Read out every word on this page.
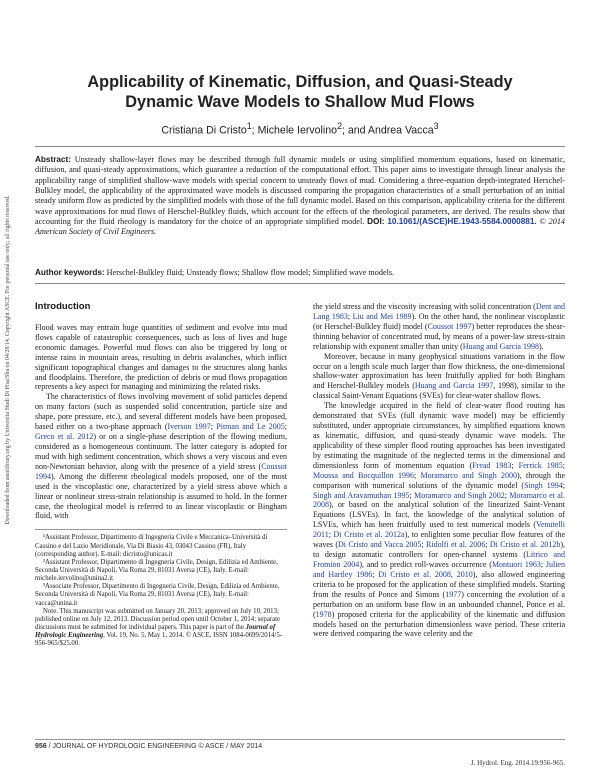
Downloaded from ascelibrary.org by Universita Studi Di Pisa/Sba on 04/28/14. Copyright ASCE. For personal use only; all rights reserved.
Applicability of Kinematic, Diffusion, and Quasi-Steady
Dynamic Wave Models to Shallow Mud Flows
Cristiana Di Cristo$^1$; Michele Iervolino$^2$; and Andrea Vacca$^3$

Abstract: Unsteady shallow-layer flows may be described through full dynamic models or using simplified momentum equations, based on kinematic, diffusion, and quasi-steady approximations, which guarantee a reduction of the computational effort. This paper aims to investigate through linear analysis the applicability range of simplified shallow-wave models with special concern to unsteady flows of mud. Considering a three-equation depth-integrated Herschel-Bulkley model, the applicability of the approximated wave models is discussed comparing the propagation characteristics of a small perturbation of an initial steady uniform flow as predicted by the simplified models with those of the full dynamic model. Based on this comparison, applicability criteria for the different wave approximations for mud flows of Herschel-Bulkley fluids, which account for the effects of the rheological parameters, are derived. The results show that accounting for the fluid rheology is mandatory for the choice of an appropriate simplified model. DOI: 10.1061/(ASCE)HE.1943-5584.0000881. © 2014 American Society of Civil Engineers.

Author keywords: Herschel-Bulkley fluid; Unsteady flows; Shallow flow model; Simplified wave models.

Introduction

Flood waves may entrain huge quantities of sediment and evolve into mud flows capable of catastrophic consequences, such as loss of lives and huge economic damages. Powerful mud flows can also be triggered by long or intense rains in mountain areas, resulting in debris avalanches, which inflict significant topographical changes and damages to the structures along banks and floodplains. Therefore, the prediction of debris or mud flows propagation represents a key aspect for managing and minimizing the related risks.

The characteristics of flows involving movement of solid particles depend on many factors (such as suspended solid concentration, particle size and shape, pore pressure, etc.), and several different models have been proposed, based either on a two-phase approach (Iverson 1997; Pitman and Le 2005; Greco et al. 2012) or on a single-phase description of the flowing medium, considered as a homogeneous continuum. The latter category is adopted for mud with high sediment concentration, which shows a very viscous and even non-Newtonian behavior, along with the presence of a yield stress (Coussot 1994). Among the different rheological models proposed, one of the most used is the viscoplastic one, characterized by a yield stress above which a linear or nonlinear stress-strain relationship is assumed to hold. In the former case, the rheological model is referred to as linear viscoplastic or Bingham fluid, with

¹Assistant Professor, Dipartimento di Ingegneria Civile e Meccanica–Università di Cassino e del Lazio Meridionale, Via Di Biasio 43, 03043 Cassino (FR), Italy (corresponding author). E-mail: dicristo@unicas.it

²Assistant Professor, Dipartimento di Ingegneria Civile, Design, Edilizia ed Ambiente, Seconda Università di Napoli, Via Roma 29, 81031 Aversa (CE), Italy. E-mail: michele.iervolino@unina2.it

³Associate Professor, Dipartimento di Ingegneria Civile, Design, Edilizia ed Ambiente, Seconda Università di Napoli, Via Roma 29, 81031 Aversa (CE), Italy. E-mail: vacca@unina.it

Note. This manuscript was submitted on January 20, 2013; approved on July 10, 2013; published online on July 12, 2013. Discussion period open until October 1, 2014; separate discussions must be submitted for individual papers. This paper is part of the Journal of Hydrologic Engineering, Vol. 19, No. 5, May 1, 2014. © ASCE, ISSN 1084-0699/2014/5-956-965/$25.00.

the yield stress and the viscosity increasing with solid concentration (Dent and Lang 1983; Liu and Mei 1989). On the other hand, the nonlinear viscoplastic (or Herschel-Bulkley fluid) model (Coussot 1997) better reproduces the shear-thinning behavior of concentrated mud, by means of a power-law stress-strain relationship with exponent smaller than unity (Huang and Garcia 1998).

Moreover, because in many geophysical situations variations in the flow occur on a length scale much larger than flow thickness, the one-dimensional shallow-water approximation has been fruitfully applied for both Bingham and Herschel-Bulkley models (Huang and Garcia 1997, 1998), similar to the classical Saint-Venant Equations (SVEs) for clear-water shallow flows.

The knowledge acquired in the field of clear-water flood routing has demonstrated that SVEs (full dynamic wave model) may be efficiently substituted, under appropriate circumstances, by simplified equations known as kinematic, diffusion, and quasi-steady dynamic wave models. The applicability of these simpler flood routing approaches has been investigated by estimating the magnitude of the neglected terms in the dimensional and dimensionless form of momentum equation (Fread 1983; Ferrick 1985; Moussa and Bocquillon 1996; Moramarco and Singh 2000), through the comparison with numerical solutions of the dynamic model (Singh 1994; Singh and Aravamuthan 1995; Moramarco and Singh 2002; Moramarco et al. 2008), or based on the analytical solution of the linearized Saint-Venant Equations (LSVEs). In fact, the knowledge of the analytical solution of LSVEs, which has been fruitfully used to test numerical models (Venutelli 2011; Di Cristo et al. 2012a), to enlighten some peculiar flow features of the waves (Di Cristo and Vacca 2005; Ridolfi et al. 2006; Di Cristo et al. 2012b), to design automatic controllers for open-channel systems (Litrico and Fromion 2004), and to predict roll-waves occurrence (Montuori 1963; Julien and Hartley 1986; Di Cristo et al. 2008, 2010), also allowed engineering criteria to be proposed for the application of these simplified models. Starting from the results of Ponce and Simons (1977) concerning the evolution of a perturbation on an uniform base flow in an unbounded channel, Ponce et al. (1978) proposed criteria for the applicability of the kinematic and diffusion models based on the perturbation dimensionless wave period. These criteria were derived comparing the wave celerity and the

956 / JOURNAL OF HYDROLOGIC ENGINEERING © ASCE / MAY 2014
J. Hydrol. Eng. 2014.19:956-965.
